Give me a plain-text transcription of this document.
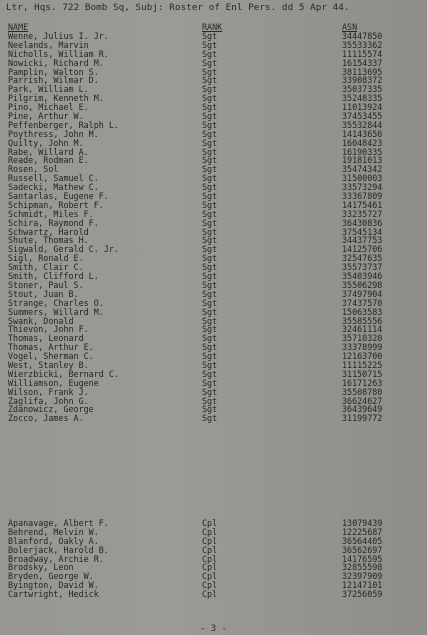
Ltr, Hqs. 722 Bomb Sq, Subj: Roster of Enl Pers. dd 5 Apr 44.
NAME	RANK	ASN
Wenne, Julius I. Jr.	Sgt	34447850
Neelands, Marvin	Sgt	35533362
Nicholls, William R.	Sgt	11115574
Nowicki, Richard M.	Sgt	16154337
Pamplin, Walton S.	Sgt	38113695
Parrish, Wilmar D.	Sgt	33908372
Park, William L.	Sgt	35037335
Pilgrim, Kenneth M.	Sgt	35248335
Pino, Michael E.	Sgt	11013924
Pine, Arthur W.	Sgt	37453455
Peffenberger, Ralph L.	Sgt	35532844
Poythress, John M.	Sgt	14143656
Quilty, John M.	Sgt	16048423
Rabe, Willard A.	Sgt	16190335
Reade, Rodman E.	Sgt	19181013
Rosen, Sol	Sgt	35474342
Russell, Samuel C.	Sgt	31500003
Sadecki, Mathew C.	Sgt	33573294
Santarlas, Eugene F.	Sgt	33367809
Schipman, Robert F.	Sgt	14175461
Schmidt, Miles F.	Sgt	33235727
Schira, Raymond F.	Sgt	36430836
Schwartz, Harold	Sgt	37545134
Shute, Thomas H.	Sgt	34437753
Sigwald, Gerald C. Jr.	Sgt	14125706
Sigl, Ronald E.	Sgt	32547635
Smith, Clair C.	Sgt	35573737
Smith, Clifford L.	Sgt	35403946
Stoner, Paul S.	Sgt	35506298
Stout, Juan B.	Sgt	37497904
Strange, Charles O.	Sgt	37437570
Summers, Willard M.	Sgt	15063583
Swank, Donald	Sgt	35585556
Thievon, John F.	Sgt	32461114
Thomas, Leonard	Sgt	35710320
Thomas, Arthur E.	Sgt	33378999
Vogel, Sherman C.	Sgt	12163700
West, Stanley B.	Sgt	11115225
Wierzbicki, Bernard C.	Sgt	31150715
Williamson, Eugene	Sgt	16171263
Wilson, Frank J.	Sgt	35508780
Zaglifa, John G.	Sgt	36624627
Zdanowicz, George	Sgt	36439649
Zocco, James A.	Sgt	31199772
Apanavage, Albert F.	Cpl	13079439
Behrend, Melvin W.	Cpl	12225687
Blanford, Oakly A.	Cpl	36564405
Bolerjack, Harold B.	Cpl	36562697
Broadway, Archie R.	Cpl	14176595
Brodsky, Leon	Cpl	32855598
Bryden, George W.	Cpl	32397909
Byington, David W.	Cpl	12147101
Cartwright, Hedick	Cpl	37256059
- 3 -
